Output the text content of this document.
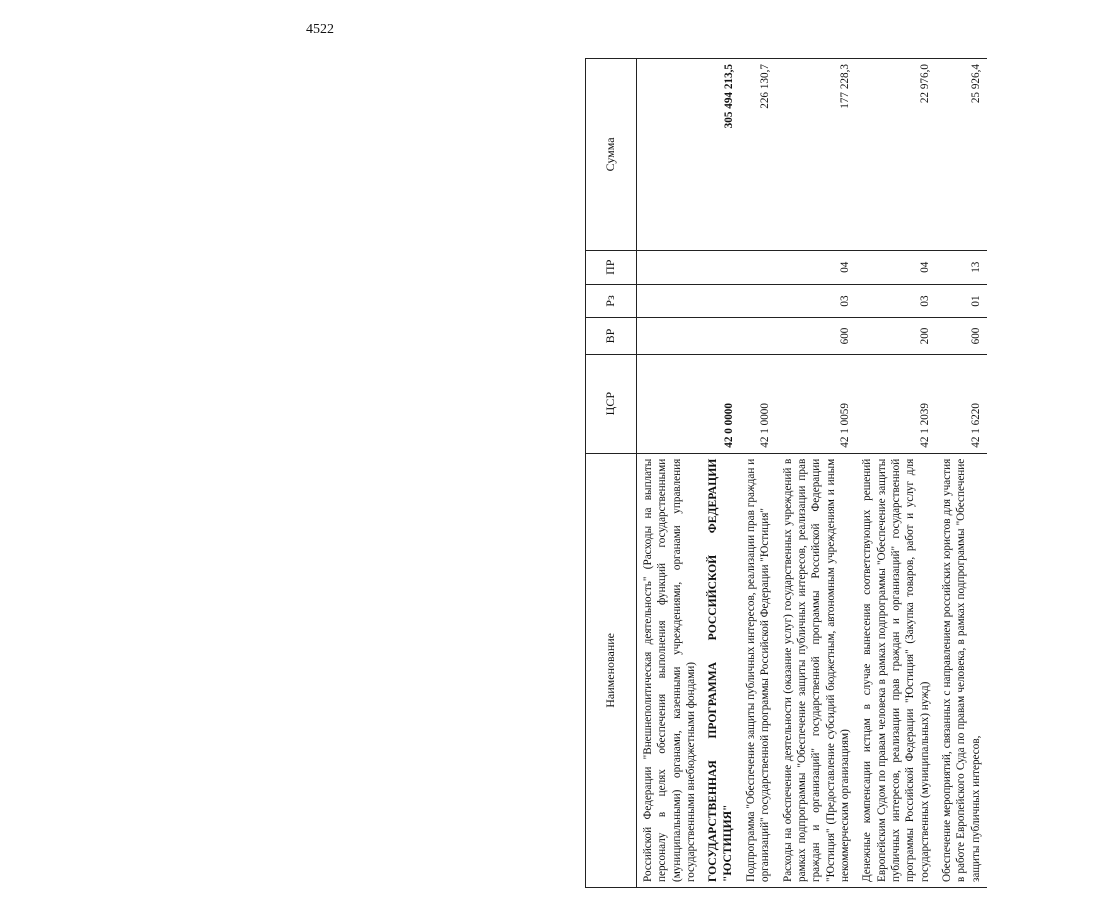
4522
Наименование	ЦСР	ВР	Рз	ПР	Сумма
Российской Федерации "Внешнеполитическая деятельность" (Расходы на выплаты персоналу в целях обеспечения выполнения функций государственными (муниципальными) органами, казенными учреждениями, органами управления государственными внебюджетными фондами)					
ГОСУДАРСТВЕННАЯ ПРОГРАММА РОССИЙСКОЙ ФЕДЕРАЦИИ "ЮСТИЦИЯ"	42 0 0000				305 494 213,5
Подпрограмма "Обеспечение защиты публичных интересов, реализации прав граждан и организаций" государственной программы Российской Федерации "Юстиция"	42 1 0000				226 130,7
Расходы на обеспечение деятельности (оказание услуг) государственных учреждений в рамках подпрограммы "Обеспечение защиты публичных интересов, реализации прав граждан и организаций" государственной программы Российской Федерации "Юстиция" (Предоставление субсидий бюджетным, автономным учреждениям и иным некоммерческим организациям)	42 1 0059	600	03	04	177 228,3
Денежные компенсации истцам в случае вынесения соответствующих решений Европейским Судом по правам человека в рамках подпрограммы "Обеспечение защиты публичных интересов, реализации прав граждан и организаций" государственной программы Российской Федерации "Юстиция" (Закупка товаров, работ и услуг для государственных (муниципальных) нужд)	42 1 2039	200	03	04	22 976,0
Обеспечение мероприятий, связанных с направлением российских юристов для участия в работе Европейского Суда по правам человека, в рамках подпрограммы "Обеспечение защиты публичных интересов,	42 1 6220	600	01	13	25 926,4
